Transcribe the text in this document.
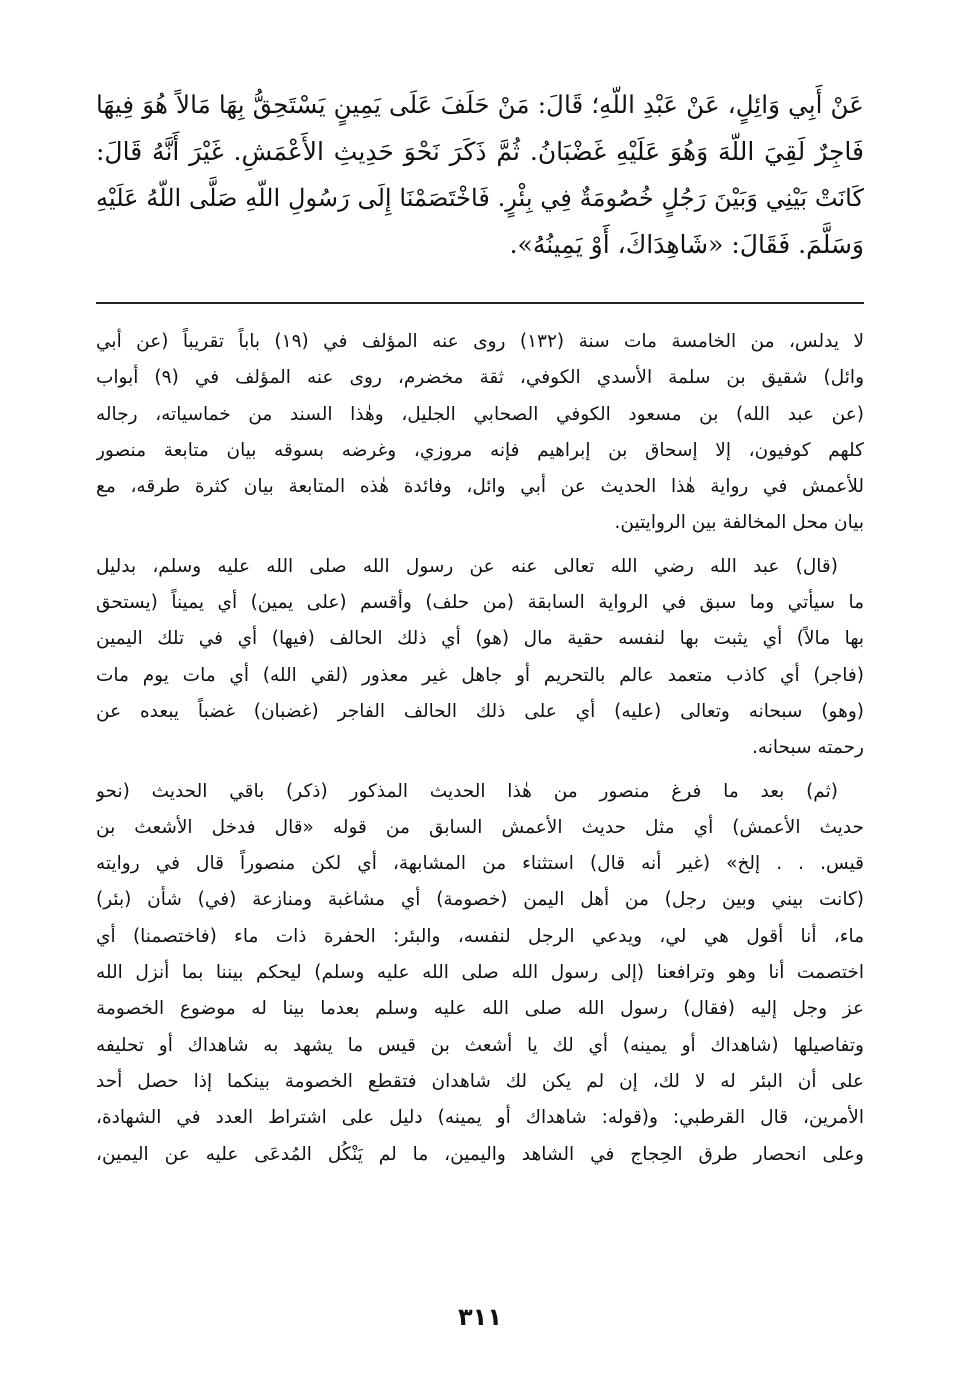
عَنْ أَبِي وَائِلٍ، عَنْ عَبْدِ اللّهِ؛ قَالَ: مَنْ حَلَفَ عَلَى يَمِينٍ يَسْتَحِقُّ بِهَا مَالاً هُوَ فِيهَا
فَاجِرٌ لَقِيَ اللّهَ وَهُوَ عَلَيْهِ غَضْبَانُ. ثُمَّ ذَكَرَ نَحْوَ حَدِيثِ الأَعْمَشِ. غَيْرَ أَنَّهُ قَالَ:
كَانَتْ بَيْنِي وَبَيْنَ رَجُلٍ خُصُومَةٌ فِي بِئْرٍ. فَاخْتَصَمْنَا إِلَى رَسُولِ اللّهِ صَلَّى اللّهُ عَلَيْهِ
وَسَلَّمَ. فَقَالَ: «شَاهِدَاكَ، أَوْ يَمِينُهُ».

لا يدلس، من الخامسة مات سنة (١٣٢) روى عنه المؤلف في (١٩) باباً تقريباً (عن أبي
وائل) شقيق بن سلمة الأسدي الكوفي، ثقة مخضرم، روى عنه المؤلف في (٩) أبواب
(عن عبد الله) بن مسعود الكوفي الصحابي الجليل، وهٰذا السند من خماسياته، رجاله
كلهم كوفيون، إلا إسحاق بن إبراهيم فإنه مروزي، وغرضه بسوقه بيان متابعة منصور
للأعمش في رواية هٰذا الحديث عن أبي وائل، وفائدة هٰذه المتابعة بيان كثرة طرقه، مع
بيان محل المخالفة بين الروايتين.

(قال) عبد الله رضي الله تعالى عنه عن رسول الله صلى الله عليه وسلم، بدليل
ما سيأتي وما سبق في الرواية السابقة (من حلف) وأقسم (على يمين) أي يميناً (يستحق
بها مالاً) أي يثبت بها لنفسه حقية مال (هو) أي ذلك الحالف (فيها) أي في تلك اليمين
(فاجر) أي كاذب متعمد عالم بالتحريم أو جاهل غير معذور (لقي الله) أي مات يوم مات
(وهو) سبحانه وتعالى (عليه) أي على ذلك الحالف الفاجر (غضبان) غضباً يبعده عن
رحمته سبحانه.

(ثم) بعد ما فرغ منصور من هٰذا الحديث المذكور (ذكر) باقي الحديث (نحو
حديث الأعمش) أي مثل حديث الأعمش السابق من قوله «قال فدخل الأشعث بن
قيس. . . إلخ» (غير أنه قال) استثناء من المشابهة، أي لكن منصوراً قال في روايته
(كانت بيني وبين رجل) من أهل اليمن (خصومة) أي مشاغبة ومنازعة (في) شأن (بئر)
ماء، أنا أقول هي لي، ويدعي الرجل لنفسه، والبئر: الحفرة ذات ماء (فاختصمنا) أي
اختصمت أنا وهو وترافعنا (إلى رسول الله صلى الله عليه وسلم) ليحكم بيننا بما أنزل الله
عز وجل إليه (فقال) رسول الله صلى الله عليه وسلم بعدما بينا له موضوع الخصومة
وتفاصيلها (شاهداك أو يمينه) أي لك يا أشعث بن قيس ما يشهد به شاهداك أو تحليفه
على أن البئر له لا لك، إن لم يكن لك شاهدان فتقطع الخصومة بينكما إذا حصل أحد
الأمرين، قال القرطبي: و(قوله: شاهداك أو يمينه) دليل على اشتراط العدد في الشهادة،
وعلى انحصار طرق الحِجاج في الشاهد واليمين، ما لم يَنْكُل المُدعَى عليه عن اليمين،

٣١١
